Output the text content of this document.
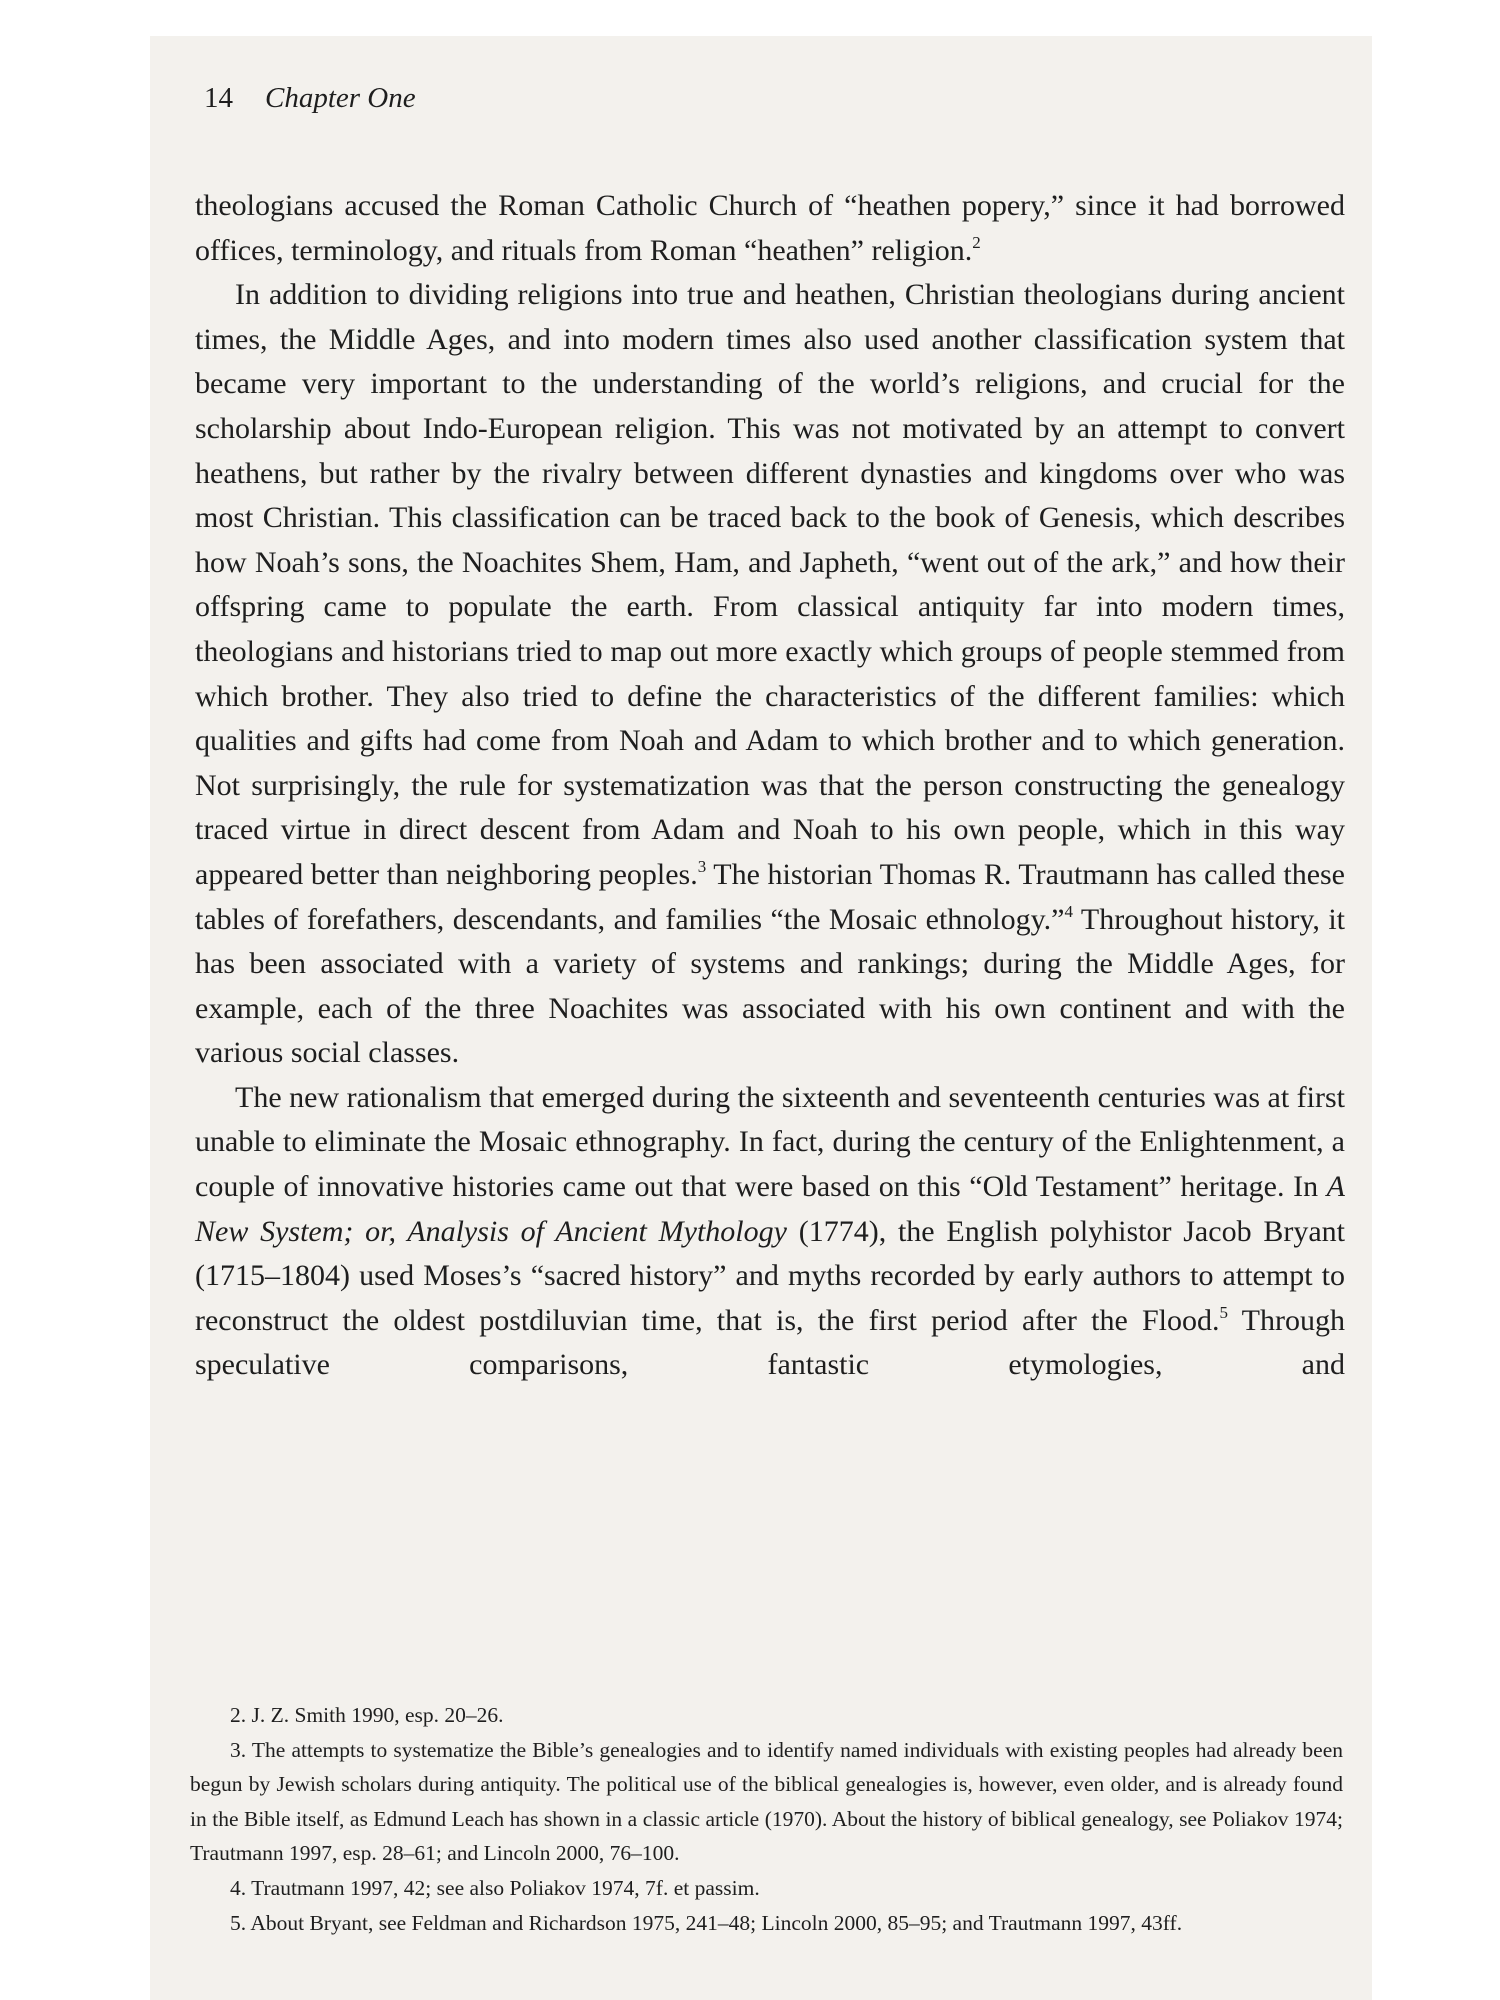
14 Chapter One

theologians accused the Roman Catholic Church of “heathen popery,” since it had borrowed offices, terminology, and rituals from Roman “heathen” religion.$^2$

In addition to dividing religions into true and heathen, Christian theologians during ancient times, the Middle Ages, and into modern times also used another classification system that became very important to the understanding of the world’s religions, and crucial for the scholarship about Indo-European religion. This was not motivated by an attempt to convert heathens, but rather by the rivalry between different dynasties and kingdoms over who was most Christian. This classification can be traced back to the book of Genesis, which describes how Noah’s sons, the Noachites Shem, Ham, and Japheth, “went out of the ark,” and how their offspring came to populate the earth. From classical antiquity far into modern times, theologians and historians tried to map out more exactly which groups of people stemmed from which brother. They also tried to define the characteristics of the different families: which qualities and gifts had come from Noah and Adam to which brother and to which generation. Not surprisingly, the rule for systematization was that the person constructing the genealogy traced virtue in direct descent from Adam and Noah to his own people, which in this way appeared better than neighboring peoples.$^3$ The historian Thomas R. Trautmann has called these tables of forefathers, descendants, and families “the Mosaic ethnology.”$^4$ Throughout history, it has been associated with a variety of systems and rankings; during the Middle Ages, for example, each of the three Noachites was associated with his own continent and with the various social classes.

The new rationalism that emerged during the sixteenth and seventeenth centuries was at first unable to eliminate the Mosaic ethnography. In fact, during the century of the Enlightenment, a couple of innovative histories came out that were based on this “Old Testament” heritage. In A New System; or, Analysis of Ancient Mythology (1774), the English polyhistor Jacob Bryant (1715–1804) used Moses’s “sacred history” and myths recorded by early authors to attempt to reconstruct the oldest postdiluvian time, that is, the first period after the Flood.$^5$ Through speculative comparisons, fantastic etymologies, and

2. J. Z. Smith 1990, esp. 20–26.

3. The attempts to systematize the Bible’s genealogies and to identify named individuals with existing peoples had already been begun by Jewish scholars during antiquity. The political use of the biblical genealogies is, however, even older, and is already found in the Bible itself, as Edmund Leach has shown in a classic article (1970). About the history of biblical genealogy, see Poliakov 1974; Trautmann 1997, esp. 28–61; and Lincoln 2000, 76–100.

4. Trautmann 1997, 42; see also Poliakov 1974, 7f. et passim.

5. About Bryant, see Feldman and Richardson 1975, 241–48; Lincoln 2000, 85–95; and Trautmann 1997, 43ff.
